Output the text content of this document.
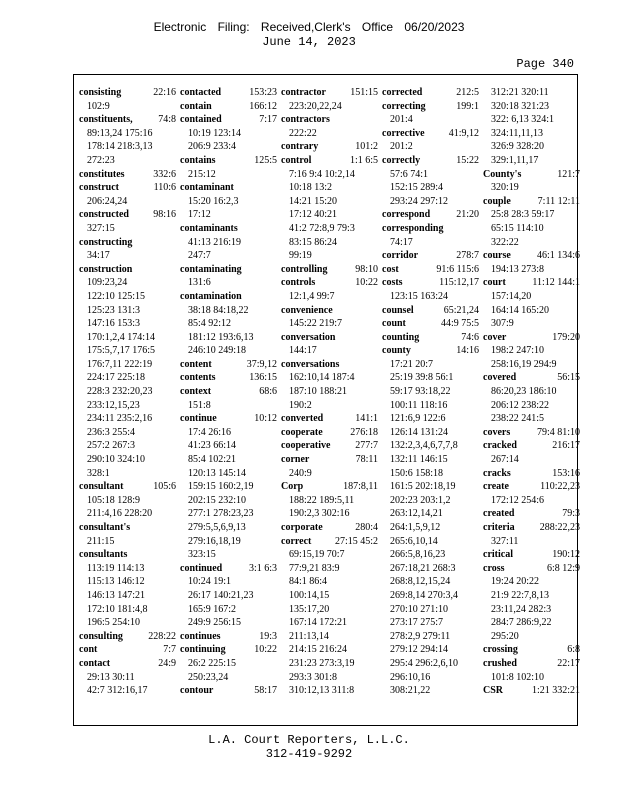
Electronic Filing: Received,Clerk's Office 06/20/2023
June 14, 2023
Page 340
consisting	22:16
102:9
constituents,	74:8
89:13,24 175:16
178:14 218:3,13
272:23
constitutes	332:6
construct	110:6
206:24,24
constructed 98:16
327:15
constructing
34:17
construction
109:23,24
122:10 125:15
125:23 131:3
147:16 153:3
170:1,2,4 174:14
175:5,7,17 176:5
176:7,11 222:19
224:17 225:18
228:3 232:20,23
233:12,15,23
234:11 235:2,16
236:3 255:4
257:2 267:3
290:10 324:10
328:1
consultant	105:6
105:18 128:9
211:4,16 228:20
consultant's
211:15
consultants
113:19 114:13
115:13 146:12
146:13 147:21
172:10 181:4,8
196:5 254:10
consulting	228:22
cont	7:7
contact	24:9
29:13 30:11
42:7 312:16,17
contacted	153:23
contain	166:12
contained	7:17
10:19 123:14
206:9 233:4
contains	125:5
215:12
contaminant
15:20 16:2,3
17:12
contaminants
41:13 216:19
247:7
contaminating
131:6
contamination
38:18 84:18,22
85:4 92:12
181:12 193:6,13
246:10 249:18
content	37:9,12
contents	136:15
context	68:6
151:8
continue	10:12
17:4 26:16
41:23 66:14
85:4 102:21
120:13 145:14
159:15 160:2,19
202:15 232:10
277:1 278:23,23
279:5,5,6,9,13
279:16,18,19
323:15
continued	3:1 6:3
10:24 19:1
26:17 140:21,23
165:9 167:2
249:9 256:15
continues	19:3
continuing	10:22
26:2 225:15
250:23,24
contour	58:17
contractor 151:15
223:20,22,24
contractors
222:22
contrary	101:2
control	1:1 6:5
7:16 9:4 10:2,14
10:18 13:2
14:21 15:20
17:12 40:21
41:2 72:8,9 79:3
83:15 86:24
99:19
controlling	98:10
controls	10:22
12:1,4 99:7
convenience
145:22 219:7
conversation
144:17
conversations
162:10,14 187:4
187:10 188:21
190:2
converted	141:1
cooperate	276:18
cooperative 277:7
corner	78:11
240:9
Corp	187:8,11
188:22 189:5,11
190:2,3 302:16
corporate	280:4
correct 27:15 45:2
69:15,19 70:7
77:9,21 83:9
84:1 86:4
100:14,15
135:17,20
167:14 172:21
211:13,14
214:15 216:24
231:23 273:3,19
293:3 301:8
310:12,13 311:8
corrected	212:5
correcting	199:1
201:4
corrective 41:9,12
201:2
correctly	15:22
57:6 74:1
152:15 289:4
293:24 297:12
correspond	21:20
corresponding
74:17
corridor	278:7
cost	91:6 115:6
costs	115:12,17
123:15 163:24
counsel	65:21,24
count	44:9 75:5
counting	74:6
county	14:16
17:21 20:7
25:19 39:8 56:1
59:17 93:18,22
100:11 118:16
121:6,9 122:6
126:14 131:24
132:2,3,4,6,7,7,8
132:11 146:15
150:6 158:18
161:5 202:18,19
202:23 203:1,2
263:12,14,21
264:1,5,9,12
265:6,10,14
266:5,8,16,23
267:18,21 268:3
268:8,12,15,24
269:8,14 270:3,4
270:10 271:10
273:17 275:7
278:2,9 279:11
279:12 294:14
295:4 296:2,6,10
296:10,16
308:21,22
312:21 320:11
320:18 321:23
322: 6,13 324:1
324:11,11,13
326:9 328:20
329:1,11,17
County's	121:7
320:19
couple	7:11 12:11
25:8 28:3 59:17
65:15 114:10
322:22
course	46:1 134:6
194:13 273:8
court	11:12 144:1
157:14,20
164:14 165:20
307:9
cover	179:20
198:2 247:10
258:16,19 294:9
covered	56:15
86:20,23 186:10
206:12 238:22
238:22 241:5
covers	79:4 81:10
cracked	216:17
267:14
cracks	153:16
create	110:22,23
172:12 254:6
created	79:3
criteria	288:22,23
327:11
critical	190:12
cross	6:8 12:9
19:24 20:22
21:9 22:7,8,13
23:11,24 282:3
284:7 286:9,22
295:20
crossing	6:8
crushed	22:17
101:8 102:10
CSR	1:21 332:21
L.A. Court Reporters, L.L.C.
312-419-9292
